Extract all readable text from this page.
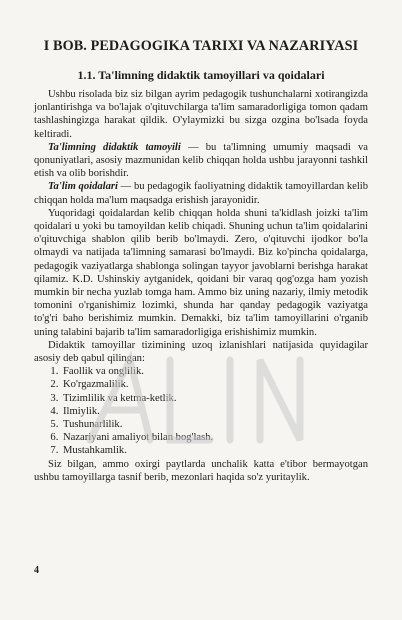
I BOB. PEDAGOGIKA TARIXI VA NAZARIYASI
1.1. Ta'limning didaktik tamoyillari va qoidalari

Ushbu risolada biz siz bilgan ayrim pedagogik tushunchalarni xotirangizda jonlantirishga va bo'lajak o'qituvchilarga ta'lim samaradorligiga tomon qadam tashlashingizga harakat qildik. O'ylaymizki bu sizga ozgina bo'lsada foyda keltiradi.

Ta'limning didaktik tamoyili — bu ta'limning umumiy maqsadi va qonuniyatlari, asosiy mazmunidan kelib chiqqan holda ushbu jarayonni tashkil etish va olib borishdir.

Ta'lim qoidalari — bu pedagogik faoliyatning didaktik tamoyillardan kelib chiqqan holda ma'lum maqsadga erishish jarayonidir.

Yuqoridagi qoidalardan kelib chiqqan holda shuni ta'kidlash joizki ta'lim qoidalari u yoki bu tamoyildan kelib chiqadi. Shuning uchun ta'lim qoidalarini o'qituvchiga shablon qilib berib bo'lmaydi. Zero, o'qituvchi ijodkor bo'la olmaydi va natijada ta'limning samarasi bo'lmaydi. Biz ko'pincha qoidalarga, pedagogik vaziyatlarga shablonga solingan tayyor javoblarni berishga harakat qilamiz. K.D. Ushinskiy aytganidek, qoidani bir varaq qog'ozga ham yozish mumkin bir necha yuzlab tomga ham. Ammo biz uning nazariy, ilmiy metodik tomonini o'rganishimiz lozimki, shunda har qanday pedagogik vaziyatga to'g'ri baho berishimiz mumkin. Demakki, biz ta'lim tamoyillarini o'rganib uning talabini bajarib ta'lim samaradorligiga erishishimiz mumkin.

Didaktik tamoyillar tizimining uzoq izlanishlari natijasida quyidagilar asosiy deb qabul qilingan:

1. Faollik va onglilik.
2. Ko'rgazmalilik.
3. Tizimlilik va ketma-ketlik.
4. Ilmiylik.
5. Tushunarlilik.
6. Nazariyani amaliyot bilan bog'lash.
7. Mustahkamlik.

Siz bilgan, ammo oxirgi paytlarda unchalik katta e'tibor bermayotgan ushbu tamoyillarga tasnif berib, mezonlari haqida so'z yuritaylik.

4
